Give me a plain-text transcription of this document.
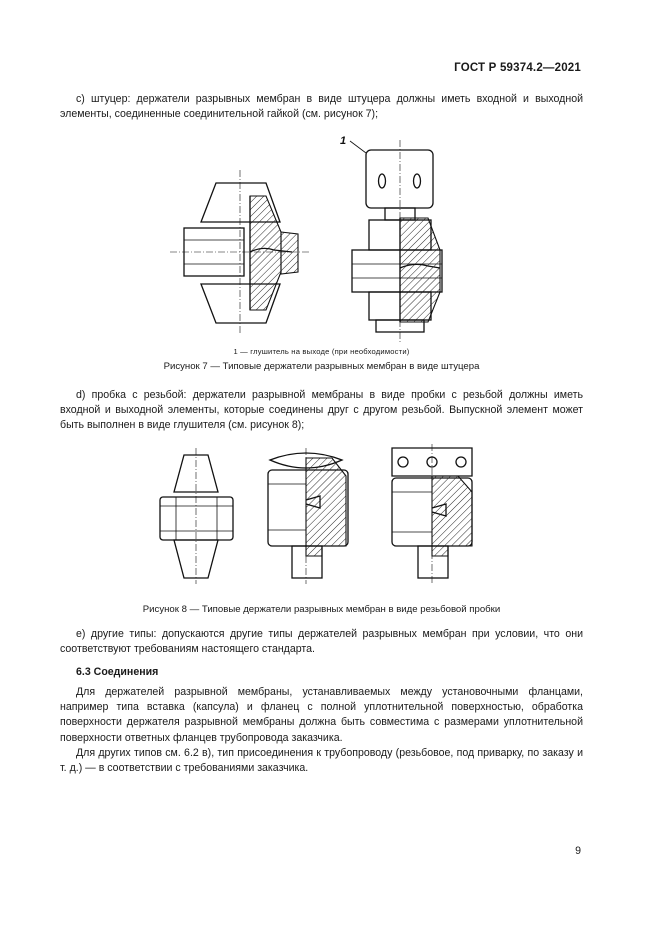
ГОСТ Р 59374.2—2021

с) штуцер: держатели разрывных мембран в виде штуцера должны иметь входной и выходной элементы, соединенные соединительной гайкой (см. рисунок 7);

1

1 — глушитель на выходе (при необходимости)

Рисунок 7 — Типовые держатели разрывных мембран в виде штуцера

d) пробка с резьбой: держатели разрывной мембраны в виде пробки с резьбой должны иметь входной и выходной элементы, которые соединены друг с другом резьбой. Выпускной элемент может быть выполнен в виде глушителя (см. рисунок 8);

Рисунок 8 — Типовые держатели разрывных мембран в виде резьбовой пробки

е) другие типы: допускаются другие типы держателей разрывных мембран при условии, что они соответствуют требованиям настоящего стандарта.

6.3 Соединения

Для держателей разрывной мембраны, устанавливаемых между установочными фланцами, например типа вставка (капсула) и фланец с полной уплотнительной поверхностью, обработка поверхности держателя разрывной мембраны должна быть совместима с размерами уплотнительной поверхности ответных фланцев трубопровода заказчика.

Для других типов см. 6.2 в), тип присоединения к трубопроводу (резьбовое, под приварку, по заказу и т. д.) — в соответствии с требованиями заказчика.

9
